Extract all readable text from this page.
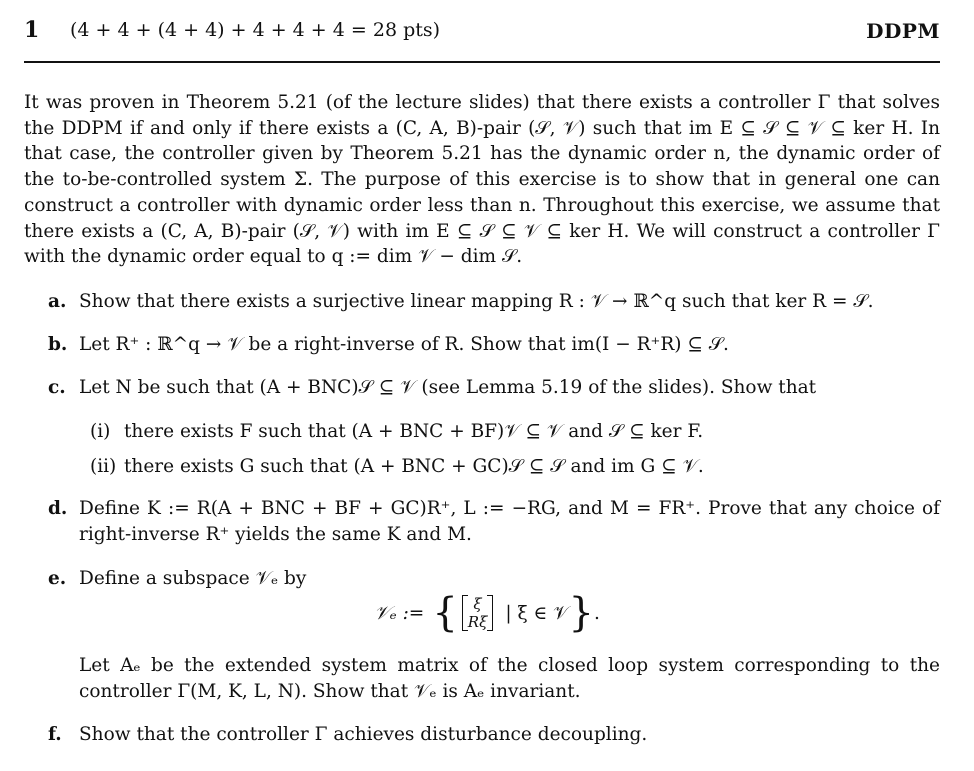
1 (4 + 4 + (4 + 4) + 4 + 4 + 4 = 28 pts)	DDPM
It was proven in Theorem 5.21 (of the lecture slides) that there exists a controller Γ that solves the DDPM if and only if there exists a (C, A, B)-pair (𝒮, 𝒱) such that im E ⊆ 𝒮 ⊆ 𝒱 ⊆ ker H. In that case, the controller given by Theorem 5.21 has the dynamic order n, the dynamic order of the to-be-controlled system Σ. The purpose of this exercise is to show that in general one can construct a controller with dynamic order less than n. Throughout this exercise, we assume that there exists a (C, A, B)-pair (𝒮, 𝒱) with im E ⊆ 𝒮 ⊆ 𝒱 ⊆ ker H. We will construct a controller Γ with the dynamic order equal to q := dim 𝒱 − dim 𝒮.
a. Show that there exists a surjective linear mapping R : 𝒱 → ℝ^q such that ker R = 𝒮.
b. Let R⁺ : ℝ^q → 𝒱 be a right-inverse of R. Show that im(I − R⁺R) ⊆ 𝒮.
c. Let N be such that (A + BNC)𝒮 ⊆ 𝒱 (see Lemma 5.19 of the slides). Show that
(i) there exists F such that (A + BNC + BF)𝒱 ⊆ 𝒱 and 𝒮 ⊆ ker F.
(ii) there exists G such that (A + BNC + GC)𝒮 ⊆ 𝒮 and im G ⊆ 𝒱.
d. Define K := R(A + BNC + BF + GC)R⁺, L := −RG, and M = FR⁺. Prove that any choice of right-inverse R⁺ yields the same K and M.
e. Define a subspace 𝒱ₑ by
𝒱ₑ := { ξ
Rξ | ξ ∈ 𝒱 } .
Let Aₑ be the extended system matrix of the closed loop system corresponding to the controller Γ(M, K, L, N). Show that 𝒱ₑ is Aₑ invariant.
f. Show that the controller Γ achieves disturbance decoupling.
